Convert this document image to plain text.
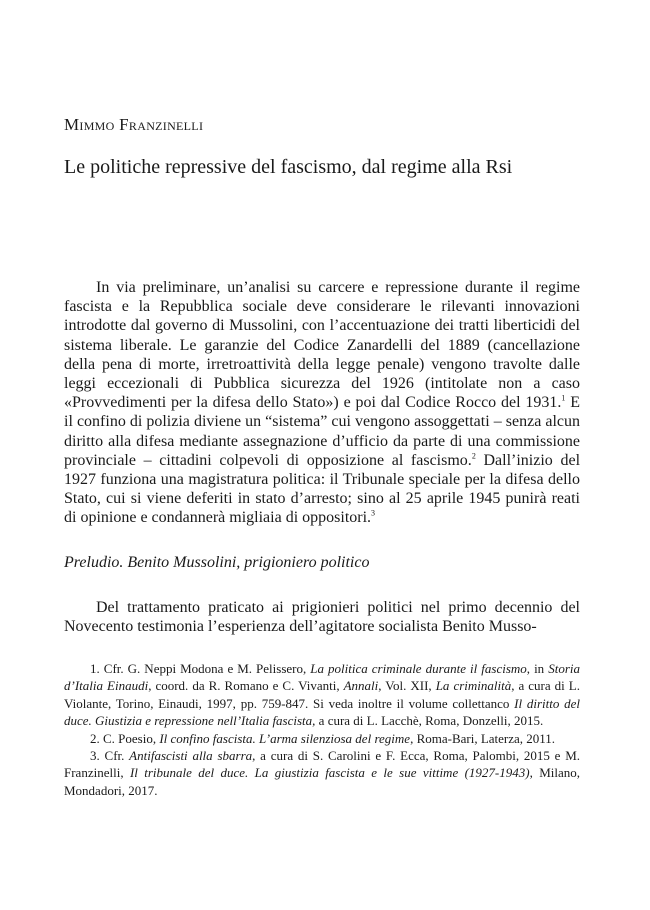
Mimmo Franzinelli
Le politiche repressive del fascismo, dal regime alla Rsi

In via preliminare, un’analisi su carcere e repressione durante il regime fascista e la Repubblica sociale deve considerare le rilevanti innovazioni introdotte dal governo di Mussolini, con l’accentuazione dei tratti liberticidi del sistema liberale. Le garanzie del Codice Zanardelli del 1889 (cancellazione della pena di morte, irretroattività della legge penale) vengono travolte dalle leggi eccezionali di Pubblica sicurezza del 1926 (intitolate non a caso «Provvedimenti per la difesa dello Stato») e poi dal Codice Rocco del 1931.$^1$ E il confino di polizia diviene un “sistema” cui vengono assoggettati – senza alcun diritto alla difesa mediante assegnazione d’ufficio da parte di una commissione provinciale – cittadini colpevoli di opposizione al fascismo.$^2$ Dall’inizio del 1927 funziona una magistratura politica: il Tribunale speciale per la difesa dello Stato, cui si viene deferiti in stato d’arresto; sino al 25 aprile 1945 punirà reati di opinione e condannerà migliaia di oppositori.$^3$

Preludio. Benito Mussolini, prigioniero politico

Del trattamento praticato ai prigionieri politici nel primo decennio del Novecento testimonia l’esperienza dell’agitatore socialista Benito Musso-

1. Cfr. G. Neppi Modona e M. Pelissero, La politica criminale durante il fascismo, in Storia d’Italia Einaudi, coord. da R. Romano e C. Vivanti, Annali, Vol. XII, La criminalità, a cura di L. Violante, Torino, Einaudi, 1997, pp. 759-847. Si veda inoltre il volume collettanco Il diritto del duce. Giustizia e repressione nell’Italia fascista, a cura di L. Lacchè, Roma, Donzelli, 2015.

2. C. Poesio, Il confino fascista. L’arma silenziosa del regime, Roma-Bari, Laterza, 2011.

3. Cfr. Antifascisti alla sbarra, a cura di S. Carolini e F. Ecca, Roma, Palombi, 2015 e M. Franzinelli, Il tribunale del duce. La giustizia fascista e le sue vittime (1927-1943), Milano, Mondadori, 2017.
